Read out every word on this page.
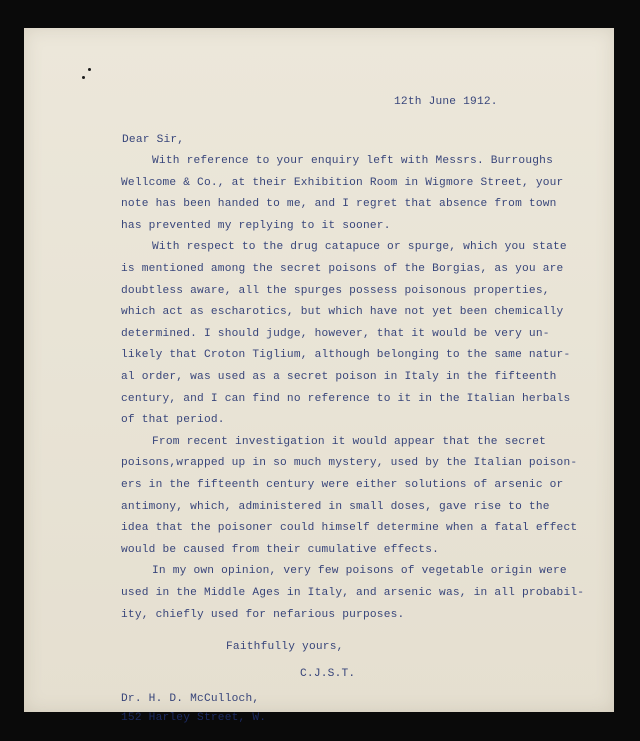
12th June 1912.
Dear Sir,
With reference to your enquiry left with Messrs. Burroughs
Wellcome & Co., at their Exhibition Room in Wigmore Street, your
note has been handed to me, and I regret that absence from town
has prevented my replying to it sooner.
With respect to the drug catapuce or spurge, which you state
is mentioned among the secret poisons of the Borgias, as you are
doubtless aware, all the spurges possess poisonous properties,
which act as escharotics, but which have not yet been chemically
determined. I should judge, however, that it would be very un-
likely that Croton Tiglium, although belonging to the same natur-
al order, was used as a secret poison in Italy in the fifteenth
century, and I can find no reference to it in the Italian herbals
of that period.
From recent investigation it would appear that the secret
poisons,wrapped up in so much mystery, used by the Italian poison-
ers in the fifteenth century were either solutions of arsenic or
antimony, which, administered in small doses, gave rise to the
idea that the poisoner could himself determine when a fatal effect
would be caused from their cumulative effects.
In my own opinion, very few poisons of vegetable origin were
used in the Middle Ages in Italy, and arsenic was, in all probabil-
Faithfully yours,
C.J.S.T.
Dr. H. D. McCulloch,
152 Harley Street, W.
ity, chiefly used for nefarious purposes.
